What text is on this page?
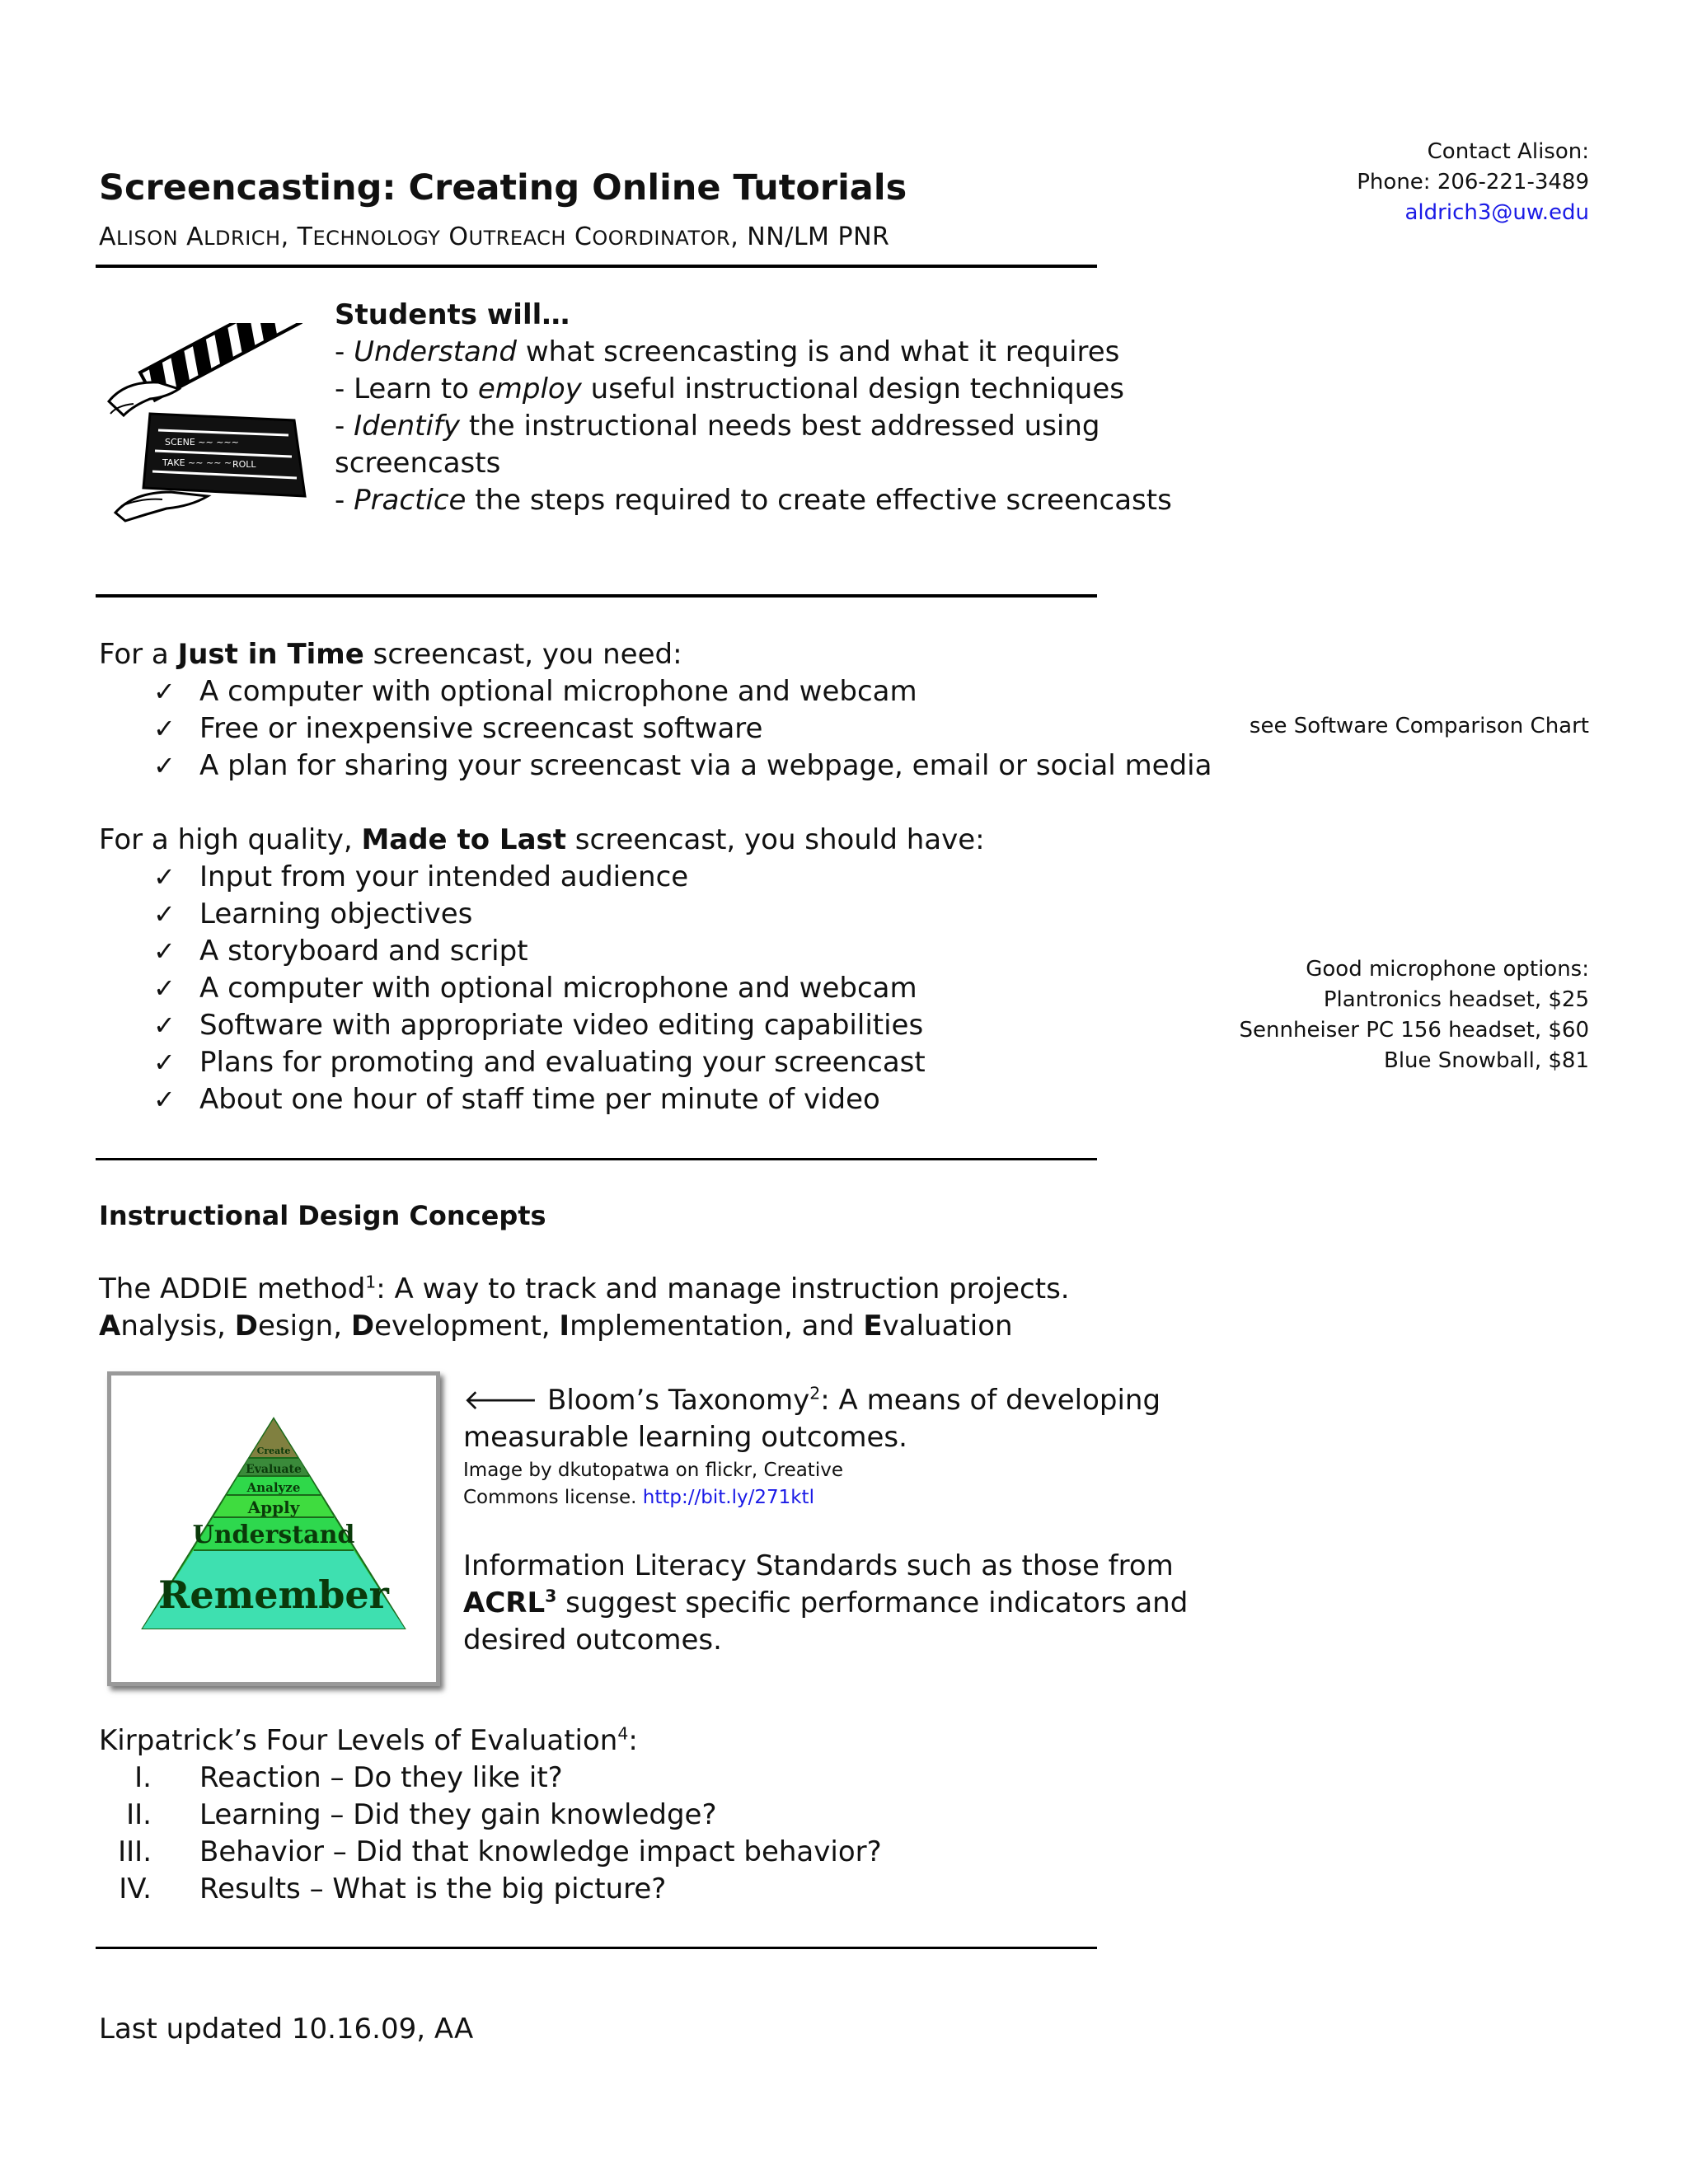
Contact Alison:
Phone: 206-221-3489
aldrich3@uw.edu
Screencasting: Creating Online Tutorials
ALISON ALDRICH, TECHNOLOGY OUTREACH COORDINATOR, NN/LM PNR
SCENE ~~ ~~~
TAKE ~~ ~~ ~ ROLL
Students will…
- Understand what screencasting is and what it requires
- Learn to employ useful instructional design techniques
- Identify the instructional needs best addressed using
screencasts
- Practice the steps required to create effective screencasts
For a Just in Time screencast, you need:
✓ A computer with optional microphone and webcam
✓ Free or inexpensive screencast software
✓ A plan for sharing your screencast via a webpage, email or social media
see Software Comparison Chart
For a high quality, Made to Last screencast, you should have:
✓ Input from your intended audience
✓ Learning objectives
✓ A storyboard and script
✓ A computer with optional microphone and webcam
✓ Software with appropriate video editing capabilities
✓ Plans for promoting and evaluating your screencast
✓ About one hour of staff time per minute of video
Good microphone options:
Plantronics headset, $25
Sennheiser PC 156 headset, $60
Blue Snowball, $81
Instructional Design Concepts
The ADDIE method$^1$: A way to track and manage instruction projects.
Analysis, Design, Development, Implementation, and Evaluation
Create
Evaluate
Analyze
Apply
Understand
Remember
🡐 Bloom’s Taxonomy$^2$: A means of developing
measurable learning outcomes.
Image by dkutopatwa on flickr, Creative
Commons license. http://bit.ly/271ktl
Information Literacy Standards such as those from
ACRL$^3$ suggest specific performance indicators and
desired outcomes.
Kirpatrick’s Four Levels of Evaluation$^4$:
I. Reaction – Do they like it?
II. Learning – Did they gain knowledge?
III. Behavior – Did that knowledge impact behavior?
IV. Results – What is the big picture?
Last updated 10.16.09, AA
